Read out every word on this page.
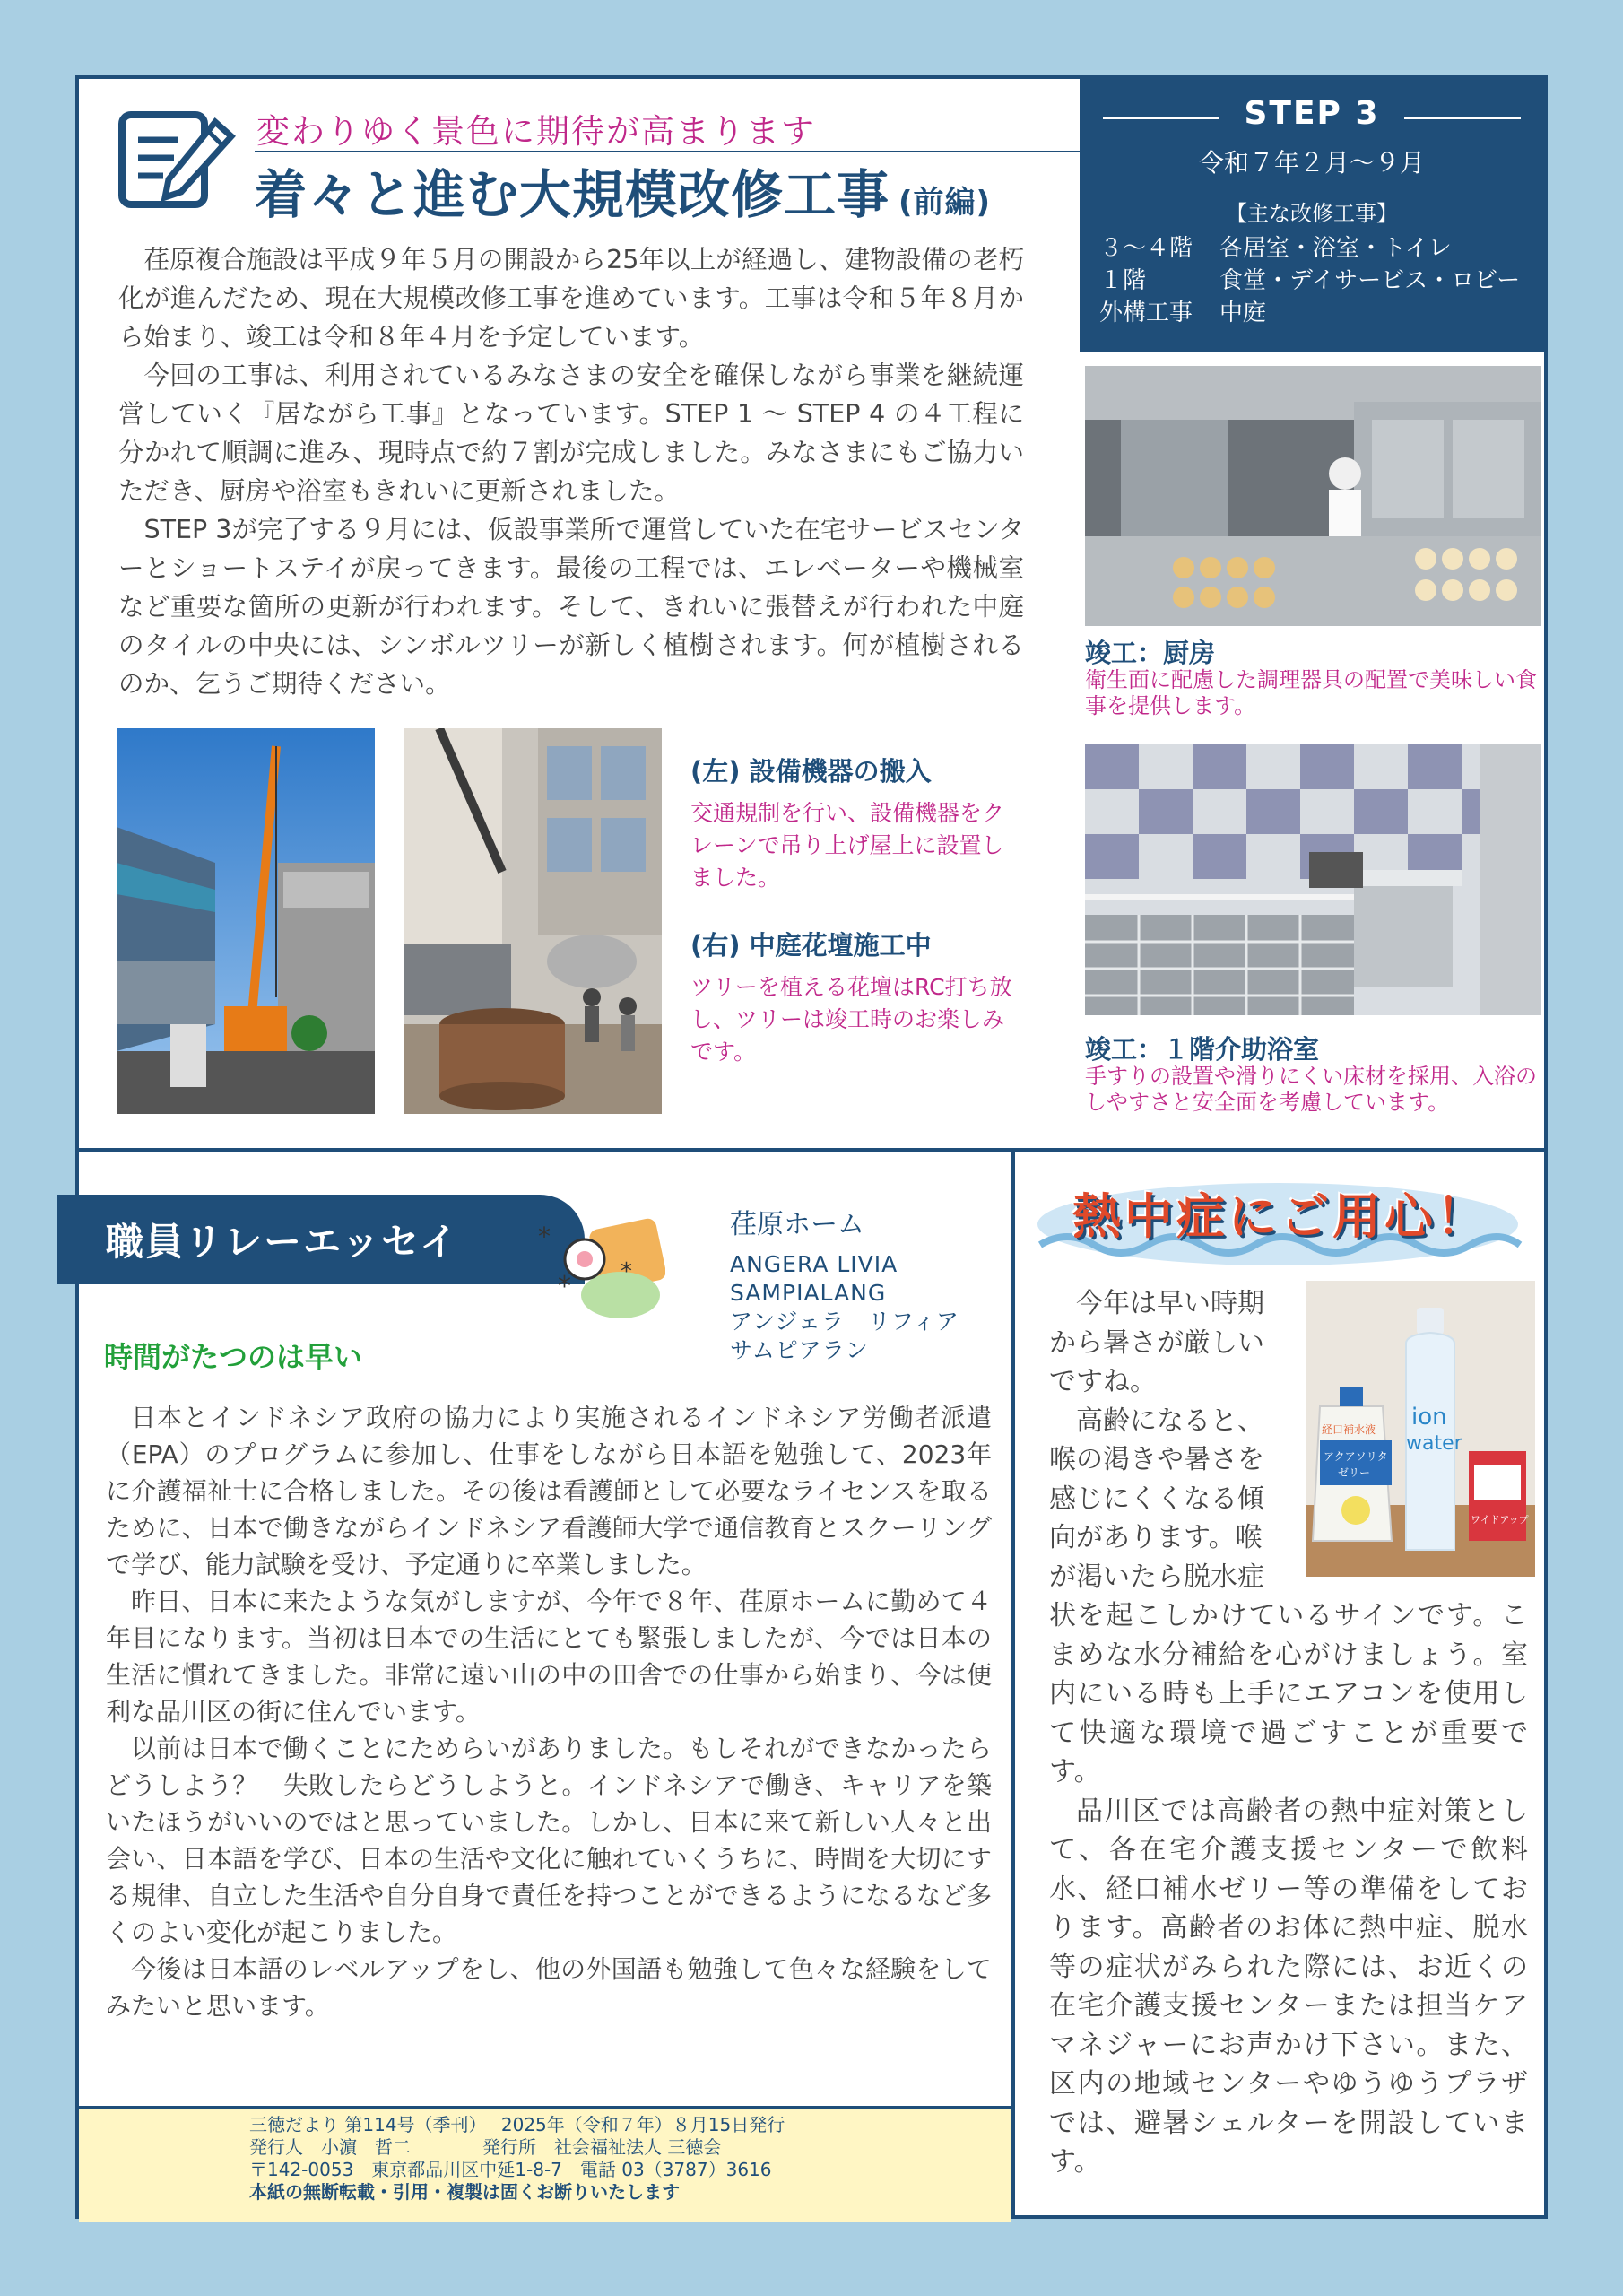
変わりゆく景色に期待が高まります
着々と進む大規模改修工事 (前編)

荏原複合施設は平成９年５月の開設から25年以上が経過し、建物設備の老朽化が進んだため、現在大規模改修工事を進めています。工事は令和５年８月から始まり、竣工は令和８年４月を予定しています。

今回の工事は、利用されているみなさまの安全を確保しながら事業を継続運営していく『居ながら工事』となっています。STEP 1 ～ STEP 4 の４工程に分かれて順調に進み、現時点で約７割が完成しました。みなさまにもご協力いただき、厨房や浴室もきれいに更新されました。

STEP 3が完了する９月には、仮設事業所で運営していた在宅サービスセンターとショートステイが戻ってきます。最後の工程では、エレベーターや機械室など重要な箇所の更新が行われます。そして、きれいに張替えが行われた中庭のタイルの中央には、シンボルツリーが新しく植樹されます。何が植樹されるのか、乞うご期待ください。

(左) 設備機器の搬入
交通規制を行い、設備機器をクレーンで吊り上げ屋上に設置しました。
(右) 中庭花壇施工中
ツリーを植える花壇はRC打ち放し、ツリーは竣工時のお楽しみです。
STEP 3
令和７年２月～９月
【主な改修工事】
３～４階 各居室・浴室・トイレ
１階	食堂・デイサービス・ロビー
外構工事 中庭
竣工：厨房
衛生面に配慮した調理器具の配置で美味しい食事を提供します。
竣工：１階介助浴室
手すりの設置や滑りにくい床材を採用、入浴のしやすさと安全面を考慮しています。
職員リレーエッセイ	*
* *
荏原ホーム
ANGERA LIVIA
SAMPIALANG
アンジェラ　リフィア
サムピアラン
時間がたつのは早い

日本とインドネシア政府の協力により実施されるインドネシア労働者派遣（EPA）のプログラムに参加し、仕事をしながら日本語を勉強して、2023年に介護福祉士に合格しました。その後は看護師として必要なライセンスを取るために、日本で働きながらインドネシア看護師大学で通信教育とスクーリングで学び、能力試験を受け、予定通りに卒業しました。

昨日、日本に来たような気がしますが、今年で８年、荏原ホームに勤めて４年目になります。当初は日本での生活にとても緊張しましたが、今では日本の生活に慣れてきました。非常に遠い山の中の田舎での仕事から始まり、今は便利な品川区の街に住んでいます。

以前は日本で働くことにためらいがありました。もしそれができなかったらどうしよう？　失敗したらどうしようと。インドネシアで働き、キャリアを築いたほうがいいのではと思っていました。しかし、日本に来て新しい人々と出会い、日本語を学び、日本の生活や文化に触れていくうちに、時間を大切にする規律、自立した生活や自分自身で責任を持つことができるようになるなど多くのよい変化が起こりました。

今後は日本語のレベルアップをし、他の外国語も勉強して色々な経験をしてみたいと思います。

三徳だより 第114号（季刊）　 2025年（令和７年）８月15日発行
発行人　小濵　哲二　　　　発行所　社会福祉法人 三徳会
〒142-0053　東京都品川区中延1-8-7　電話 03（3787）3616
本紙の無断転載・引用・複製は固くお断りいたします
熱中症にご用心！
今年は早い時期
から暑さが厳しい
ですね。
高齢になると、
喉の渇きや暑さを
感じにくくなる傾
向があります。喉
が渇いたら脱水症
経口補水液
アクアソリタ
ゼリー
ion
water
ワイドアップ

状を起こしかけているサインです。こまめな水分補給を心がけましょう。室内にいる時も上手にエアコンを使用して快適な環境で過ごすことが重要です。

品川区では高齢者の熱中症対策として、各在宅介護支援センターで飲料水、経口補水ゼリー等の準備をしております。高齢者のお体に熱中症、脱水等の症状がみられた際には、お近くの在宅介護支援センターまたは担当ケアマネジャーにお声かけ下さい。また、区内の地域センターやゆうゆうプラザでは、避暑シェルターを開設しています。
